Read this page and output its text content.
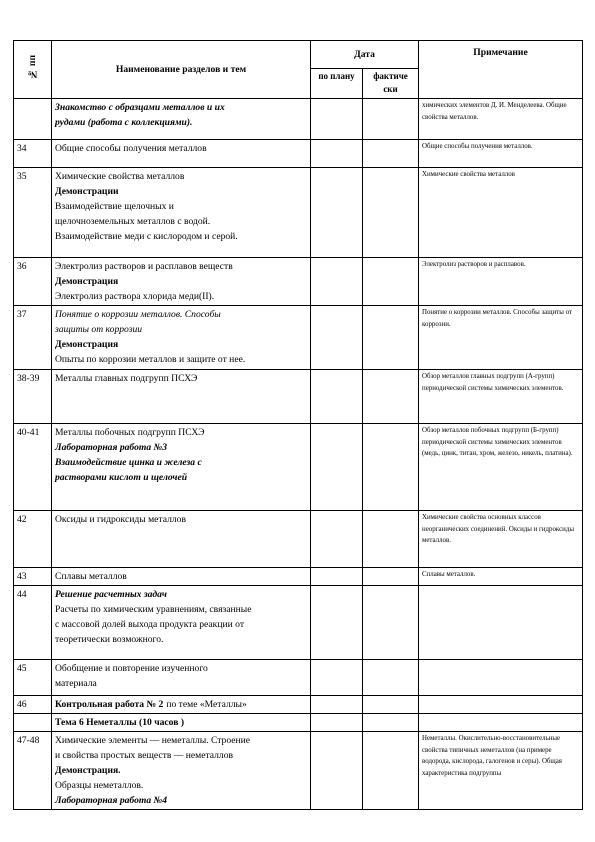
№ пп	Наименование разделов и тем	Дата		Примечание
		по плану	фактиче
ски	

	Знакомство с образцами металлов и их
рудами (работа с коллекциями).			химических элементов Д. И. Менделеева. Общие свойства металлов.
34	Общие способы получения металлов			Общие способы получения металлов.
35	Химические свойства металлов
Демонстрации
Взаимодействие щелочных и
щелочноземельных металлов с водой.
Взаимодействие меди с кислородом и серой.			Химические свойства металлов
36	Электролиз растворов и расплавов веществ
Демонстрация
Электролиз раствора хлорида меди(II).			Электролиз растворов и расплавов.
37	Понятие о коррозии металлов. Способы
защиты от коррозии
Демонстрация
Опыты по коррозии металлов и защите от нее.			Понятие о коррозии металлов. Способы защиты от коррозии.
38-39	Металлы главных подгрупп ПСХЭ			Обзор металлов главных подгрупп (А-групп) периодической системы химических элементов.
40-41	Металлы побочных подгрупп ПСХЭ
Лабораторная работа №3
Взаимодействие цинка и железа с
растворами кислот и щелочей			Обзор металлов побочных подгрупп (Б-групп) периодической системы химических элементов (медь, цинк, титан, хром, железо, никель, платина).
42	Оксиды и гидроксиды металлов			Химические свойства основных классов неорганических соединений. Оксиды и гидроксиды металлов.
43	Сплавы металлов			Сплавы металлов.
44	Решение расчетных задач
Расчеты по химическим уравнениям, связанные
с массовой долей выхода продукта реакции от
теоретически возможного.			

45	Обобщение и повторение изученного
материала			

46	Контрольная работа № 2 по теме «Металлы»			

	Тема 6 Неметаллы (10 часов )			

47-48	Химические элементы — неметаллы. Строение
и свойства простых веществ — неметаллов
Демонстрация.
Образцы неметаллов.
Лабораторная работа №4			Неметаллы. Окислительно-восстановительные свойства типичных неметаллов (на примере водорода, кислорода, галогенов и серы). Общая характеристика подгруппы
